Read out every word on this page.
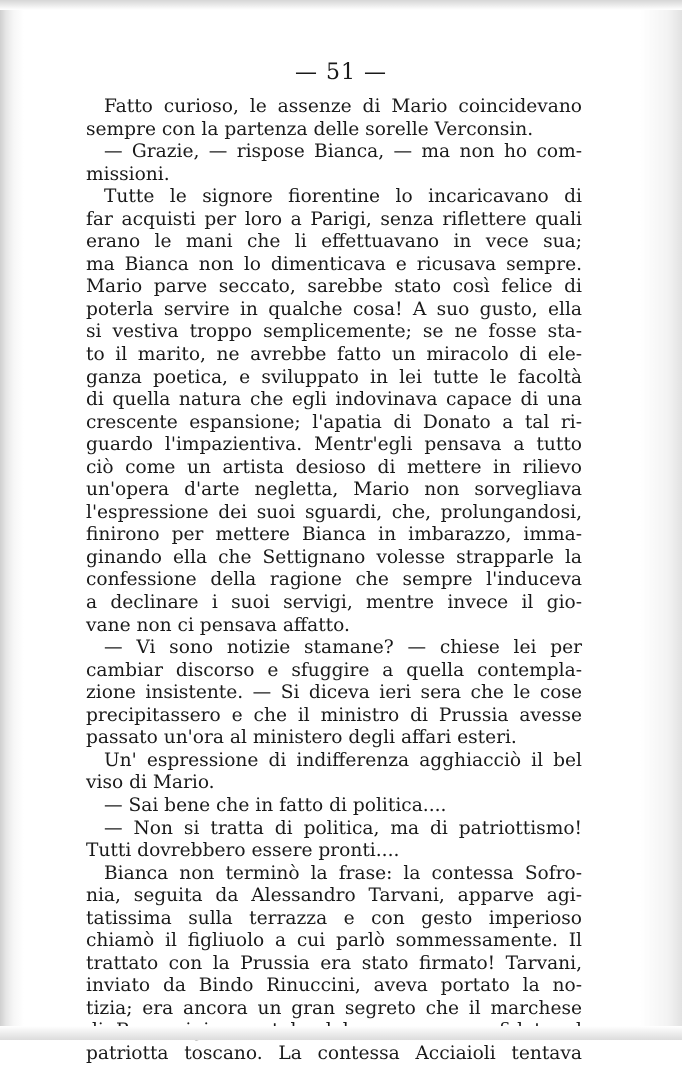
— 51 —
Fatto curioso, le assenze di Mario coincidevano
sempre con la partenza delle sorelle Verconsin.
— Grazie, — rispose Bianca, — ma non ho com-
missioni.
Tutte le signore fiorentine lo incaricavano di
far acquisti per loro a Parigi, senza riflettere quali
erano le mani che li effettuavano in vece sua;
ma Bianca non lo dimenticava e ricusava sempre.
Mario parve seccato, sarebbe stato così felice di
poterla servire in qualche cosa! A suo gusto, ella
si vestiva troppo semplicemente; se ne fosse sta-
to il marito, ne avrebbe fatto un miracolo di ele-
ganza poetica, e sviluppato in lei tutte le facoltà
di quella natura che egli indovinava capace di una
crescente espansione; l'apatia di Donato a tal ri-
guardo l'impazientiva. Mentr'egli pensava a tutto
ciò come un artista desioso di mettere in rilievo
un'opera d'arte negletta, Mario non sorvegliava
l'espressione dei suoi sguardi, che, prolungandosi,
finirono per mettere Bianca in imbarazzo, imma-
ginando ella che Settignano volesse strapparle la
confessione della ragione che sempre l'induceva
a declinare i suoi servigi, mentre invece il gio-
vane non ci pensava affatto.
— Vi sono notizie stamane? — chiese lei per
cambiar discorso e sfuggire a quella contempla-
zione insistente. — Si diceva ieri sera che le cose
precipitassero e che il ministro di Prussia avesse
passato un'ora al ministero degli affari esteri.
Un' espressione di indifferenza agghiacciò il bel
viso di Mario.
— Sai bene che in fatto di politica....
— Non si tratta di politica, ma di patriottismo!
Tutti dovrebbero essere pronti....
Bianca non terminò la frase: la contessa Sofro-
nia, seguita da Alessandro Tarvani, apparve agi-
tatissima sulla terrazza e con gesto imperioso
chiamò il figliuolo a cui parlò sommessamente. Il
trattato con la Prussia era stato firmato! Tarvani,
inviato da Bindo Rinuccini, aveva portato la no-
tizia; era ancora un gran segreto che il marchese
patriotta toscano. La contessa Acciaioli tentava
